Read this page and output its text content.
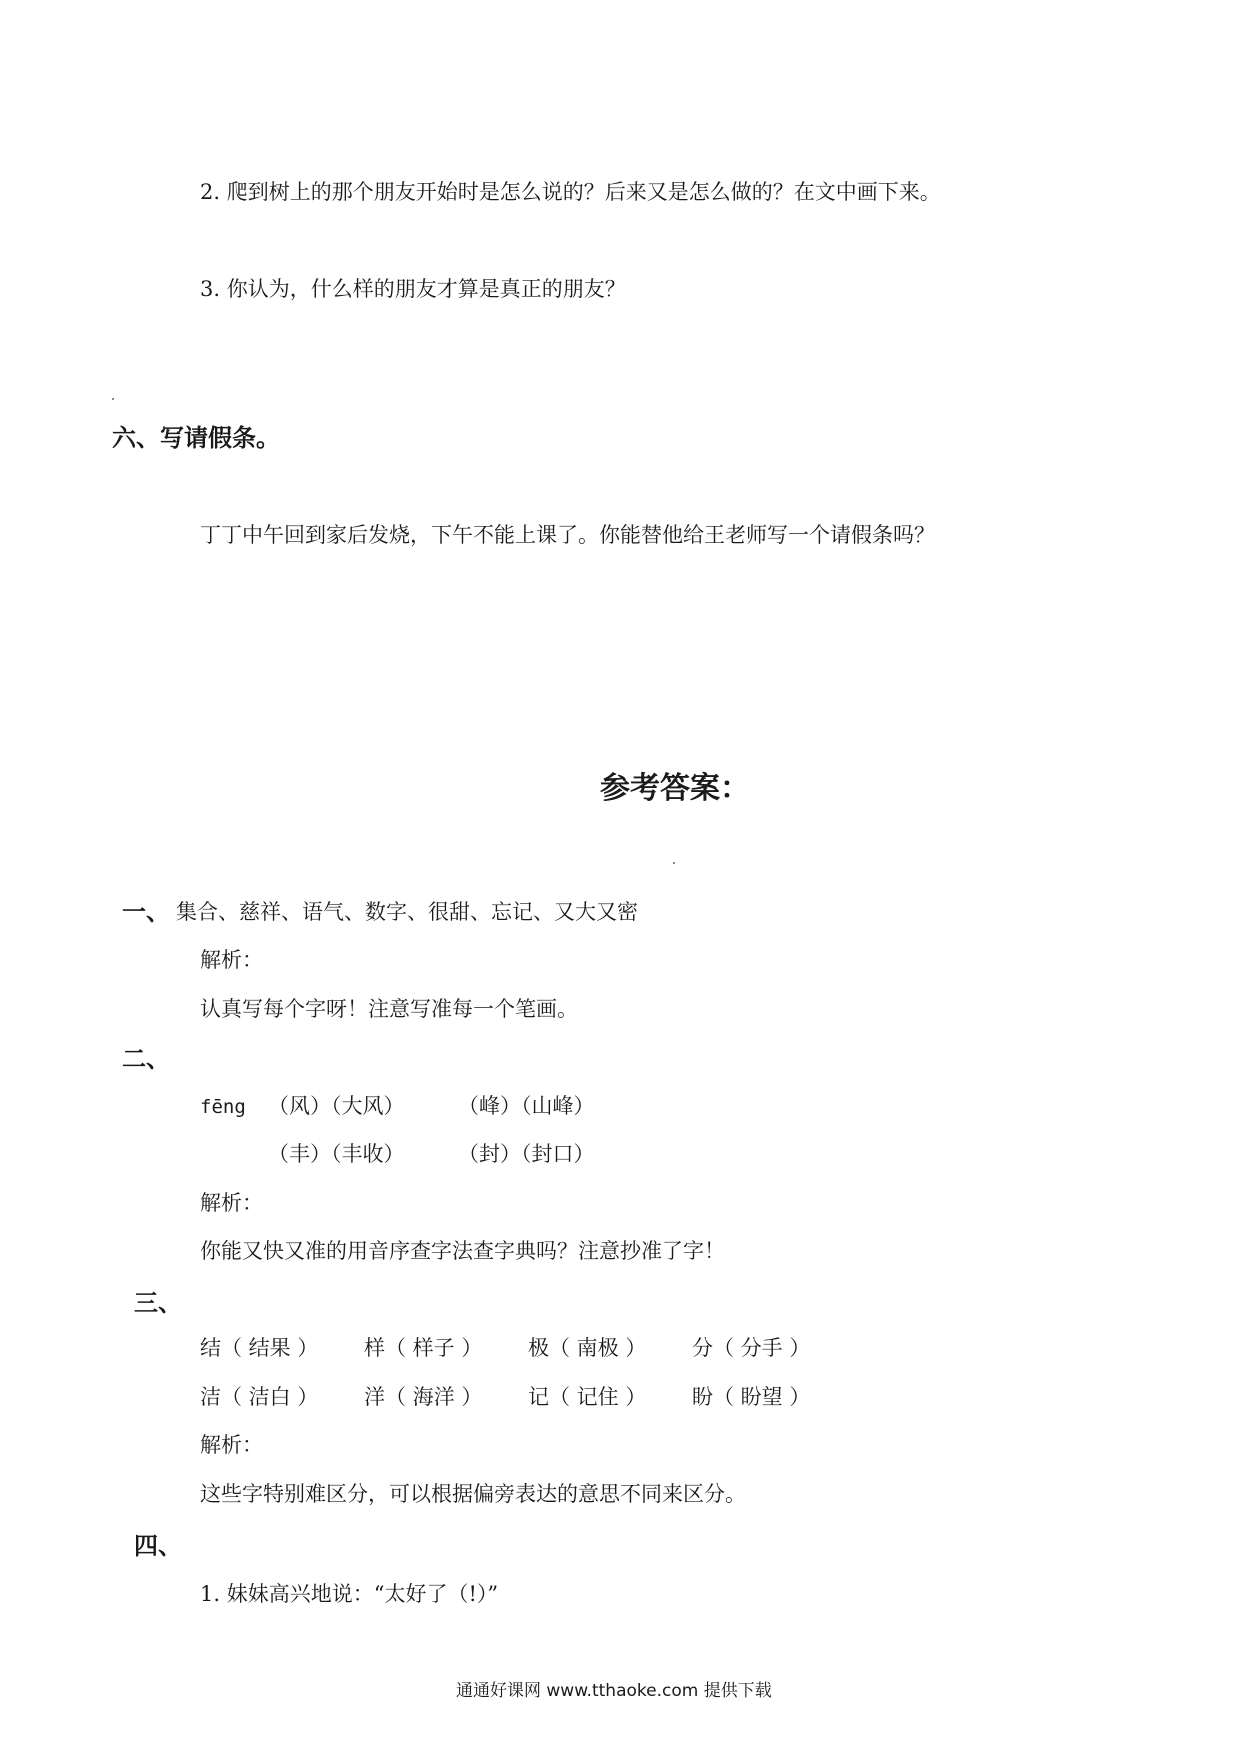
2. 爬到树上的那个朋友开始时是怎么说的？后来又是怎么做的？在文中画下来。
3. 你认为，什么样的朋友才算是真正的朋友？
六、写请假条。
丁丁中午回到家后发烧，下午不能上课了。你能替他给王老师写一个请假条吗？
参考答案：
一、 集合、慈祥、语气、数字、很甜、忘记、又大又密
解析：
认真写每个字呀！注意写准每一个笔画。
二、
fēng （风）（大风）	（峰）（山峰）
（丰）（丰收）	（封）（封口）
解析：
你能又快又准的用音序查字法查字典吗？注意抄准了字！
三、
结（ 结果 ） 样（ 样子 ） 极（ 南极 ） 分（ 分手 ）
洁（ 洁白 ） 洋（ 海洋 ） 记（ 记住 ） 盼（ 盼望 ）
解析：
这些字特别难区分，可以根据偏旁表达的意思不同来区分。
四、
1. 妹妹高兴地说：“太好了（!）”
通通好课网 www.tthaoke.com 提供下载
